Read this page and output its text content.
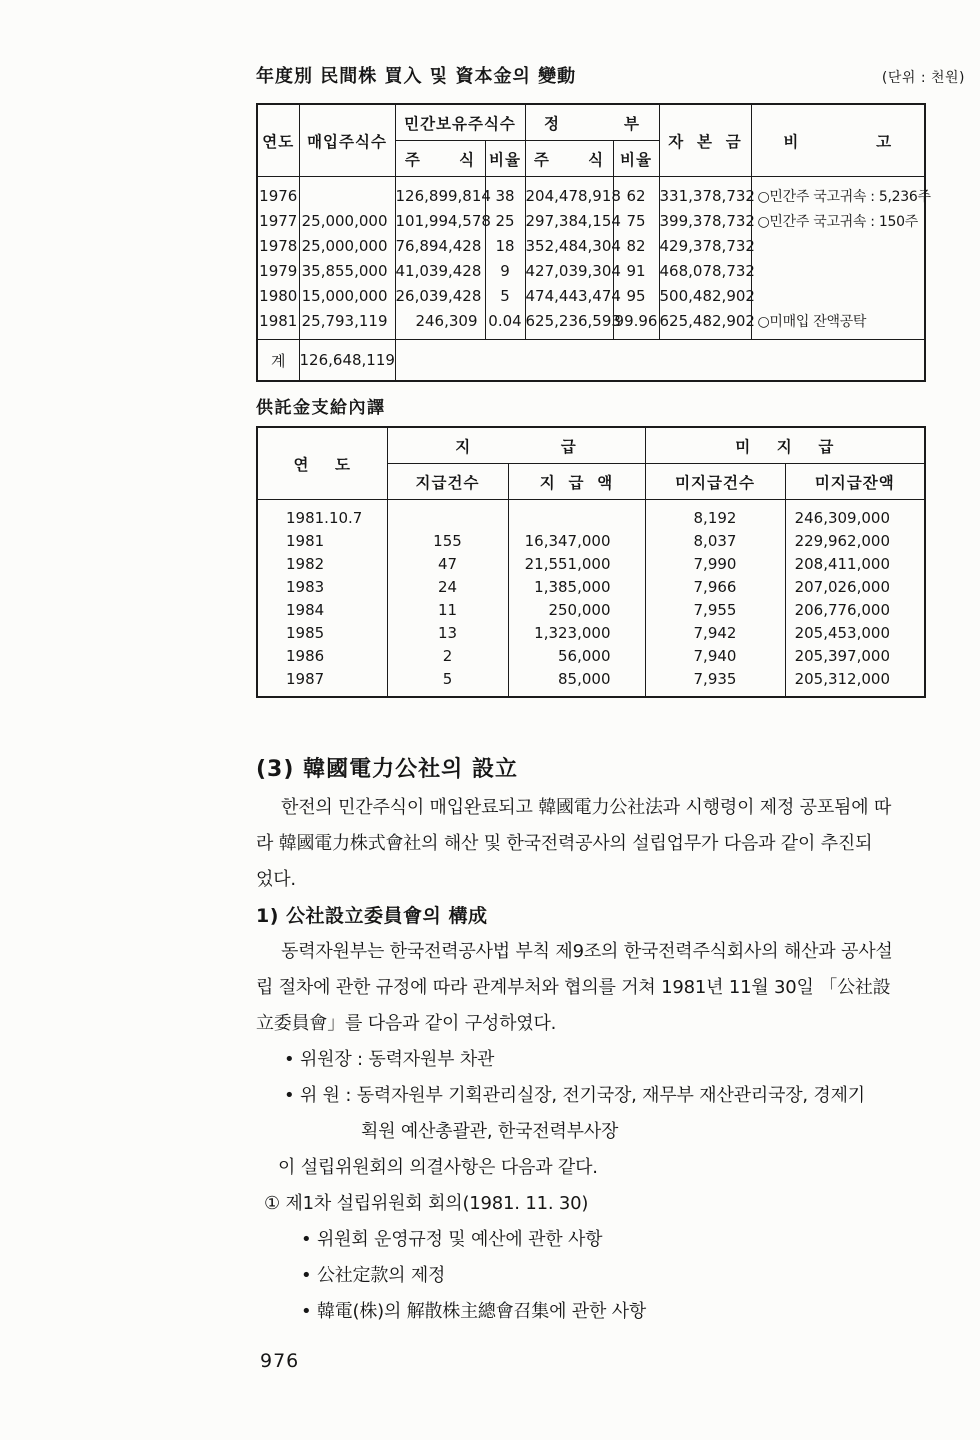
年度別 民間株 買入 및 資本金의 變動	(단위 : 천원)
연도	매입주식수	민간보유주식수		정          부		자  본  금	비            고
		주      식	비율	주      식	비율		
1976		126,899,814	38	204,478,918	62	331,378,732	○민간주 국고귀속 : 5,236주
1977	25,000,000	101,994,578	25	297,384,154	75	399,378,732	○민간주 국고귀속 : 150주
1978	25,000,000	76,894,428	18	352,484,304	82	429,378,732	
1979	35,855,000	41,039,428	9	427,039,304	91	468,078,732	
1980	15,000,000	26,039,428	5	474,443,474	95	500,482,902	
1981	25,793,119	246,309	0.04	625,236,593	99.96	625,482,902	○미매입 잔액공탁
계	126,648,119						
供託金支給內譯
연    도	지              급		미    지    급	
	지급건수	지  급  액	미지급건수	미지급잔액
1981.10.7			8,192	246,309,000
1981	155	16,347,000	8,037	229,962,000
1982	47	21,551,000	7,990	208,411,000
1983	24	1,385,000	7,966	207,026,000
1984	11	250,000	7,955	206,776,000
1985	13	1,323,000	7,942	205,453,000
1986	2	56,000	7,940	205,397,000
1987	5	85,000	7,935	205,312,000
(3) 韓國電力公社의 設立
한전의 민간주식이 매입완료되고 韓國電力公社法과 시행령이 제정 공포됨에 따
라 韓國電力株式會社의 해산 및 한국전력공사의 설립업무가 다음과 같이 추진되
었다.
1) 公社設立委員會의 構成
동력자원부는 한국전력공사법 부칙 제9조의 한국전력주식회사의 해산과 공사설
립 절차에 관한 규정에 따라 관계부처와 협의를 거쳐 1981년 11월 30일 「公社設
立委員會」를 다음과 같이 구성하였다.
• 위원장 : 동력자원부 차관
• 위 원 : 동력자원부 기획관리실장, 전기국장, 재무부 재산관리국장, 경제기
획원 예산총괄관, 한국전력부사장
이 설립위원회의 의결사항은 다음과 같다.
① 제1차 설립위원회 회의(1981. 11. 30)
• 위원회 운영규정 및 예산에 관한 사항
• 公社定款의 제정
• 韓電(株)의 解散株主總會召集에 관한 사항
976
